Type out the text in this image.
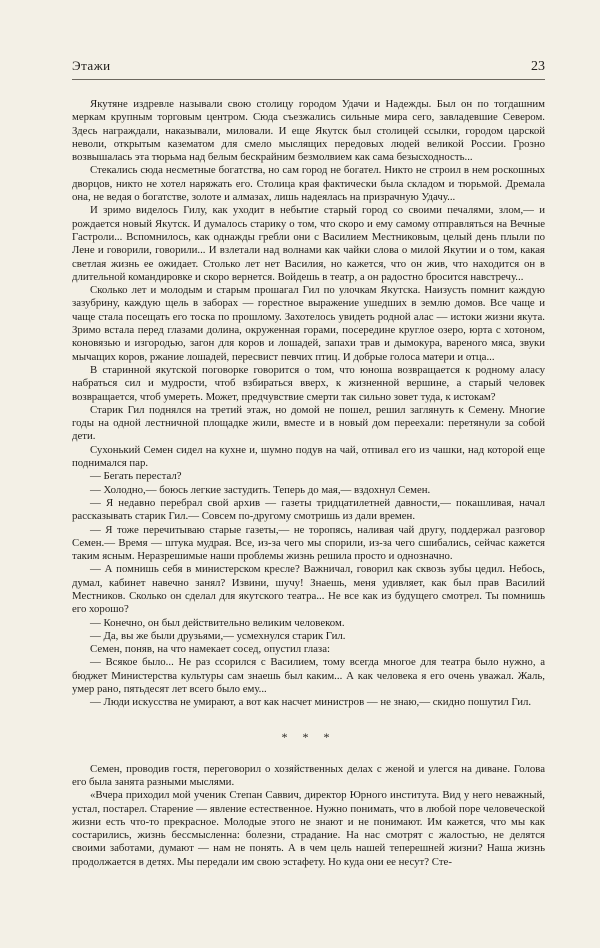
Этажи	23

Якутяне издревле называли свою столицу городом Удачи и Надежды. Был он по тогдашним меркам крупным торговым центром. Сюда съезжались сильные мира сего, завладевшие Севером. Здесь награждали, наказывали, миловали. И еще Якутск был столицей ссылки, городом царской неволи, открытым казематом для смело мыслящих передовых людей великой России. Грозно возвышалась эта тюрьма над белым бескрайним безмолвием как сама безысходность...

Стекались сюда несметные богатства, но сам город не богател. Никто не строил в нем роскошных дворцов, никто не хотел наряжать его. Столица края фактически была складом и тюрьмой. Дремала она, не ведая о богатстве, золоте и алмазах, лишь надеялась на призрачную Удачу...

И зримо виделось Гилу, как уходит в небытие старый город со своими печалями, злом,— и рождается новый Якутск. И думалось старику о том, что скоро и ему самому отправляться на Вечные Гастроли... Вспомнилось, как однажды гребли они с Василием Местниковым, целый день плыли по Лене и говорили, говорили... И взлетали над волнами как чайки слова о милой Якутии и о том, какая светлая жизнь ее ожидает. Столько лет нет Василия, но кажется, что он жив, что находится он в длительной командировке и скоро вернется. Войдешь в театр, а он радостно бросится навстречу...

Сколько лет и молодым и старым прошагал Гил по улочкам Якутска. Наизусть помнит каждую зазубрину, каждую щель в заборах — горестное выражение ушедших в землю домов. Все чаще и чаще стала посещать его тоска по прошлому. Захотелось увидеть родной алас — истоки жизни якута. Зримо встала перед глазами долина, окруженная горами, посередине круглое озеро, юрта с хотоном, коновязью и изгородью, загон для коров и лошадей, запахи трав и дымокура, вареного мяса, звуки мычащих коров, ржание лошадей, пересвист певчих птиц. И добрые голоса матери и отца...

В старинной якутской поговорке говорится о том, что юноша возвращается к родному аласу набраться сил и мудрости, чтоб взбираться вверх, к жизненной вершине, а старый человек возвращается, чтоб умереть. Может, предчувствие смерти так сильно зовет туда, к истокам?

Старик Гил поднялся на третий этаж, но домой не пошел, решил заглянуть к Семену. Многие годы на одной лестничной площадке жили, вместе и в новый дом переехали: перетянули за собой дети.

Сухонький Семен сидел на кухне и, шумно подув на чай, отпивал его из чашки, над которой еще поднимался пар.

— Бегать перестал?

— Холодно,— боюсь легкие застудить. Теперь до мая,— вздохнул Семен.

— Я недавно перебрал свой архив — газеты тридцатилетней давности,— покашливая, начал рассказывать старик Гил.— Совсем по-другому смотришь из дали времен.

— Я тоже перечитываю старые газеты,— не торопясь, наливая чай другу, поддержал разговор Семен.— Время — штука мудрая. Все, из-за чего мы спорили, из-за чего сшибались, сейчас кажется таким ясным. Неразрешимые наши проблемы жизнь решила просто и однозначно.

— А помнишь себя в министерском кресле? Важничал, говорил как сквозь зубы цедил. Небось, думал, кабинет навечно занял? Извини, шучу! Знаешь, меня удивляет, как был прав Василий Местников. Сколько он сделал для якутского театра... Не все как из будущего смотрел. Ты помнишь его хорошо?

— Конечно, он был действительно великим человеком.

— Да, вы же были друзьями,— усмехнулся старик Гил.

Семен, поняв, на что намекает сосед, опустил глаза:

— Всякое было... Не раз ссорился с Василием, тому всегда многое для театра было нужно, а бюджет Министерства культуры сам знаешь был каким... А как человека я его очень уважал. Жаль, умер рано, пятьдесят лет всего было ему...

— Люди искусства не умирают, а вот как насчет министров — не знаю,— скидно пошутил Гил.

* * *

Семен, проводив гостя, переговорил о хозяйственных делах с женой и улегся на диване. Голова его была занята разными мыслями.

«Вчера приходил мой ученик Степан Саввич, директор Юрного института. Вид у него неважный, устал, постарел. Старение — явление естественное. Нужно понимать, что в любой поре человеческой жизни есть что-то прекрасное. Молодые этого не знают и не понимают. Им кажется, что мы как состарились, жизнь бессмысленна: болезни, страдание. На нас смотрят с жалостью, не делятся своими заботами, думают — нам не понять. А в чем цель нашей теперешней жизни? Наша жизнь продолжается в детях. Мы передали им свою эстафету. Но куда они ее несут? Сте-
